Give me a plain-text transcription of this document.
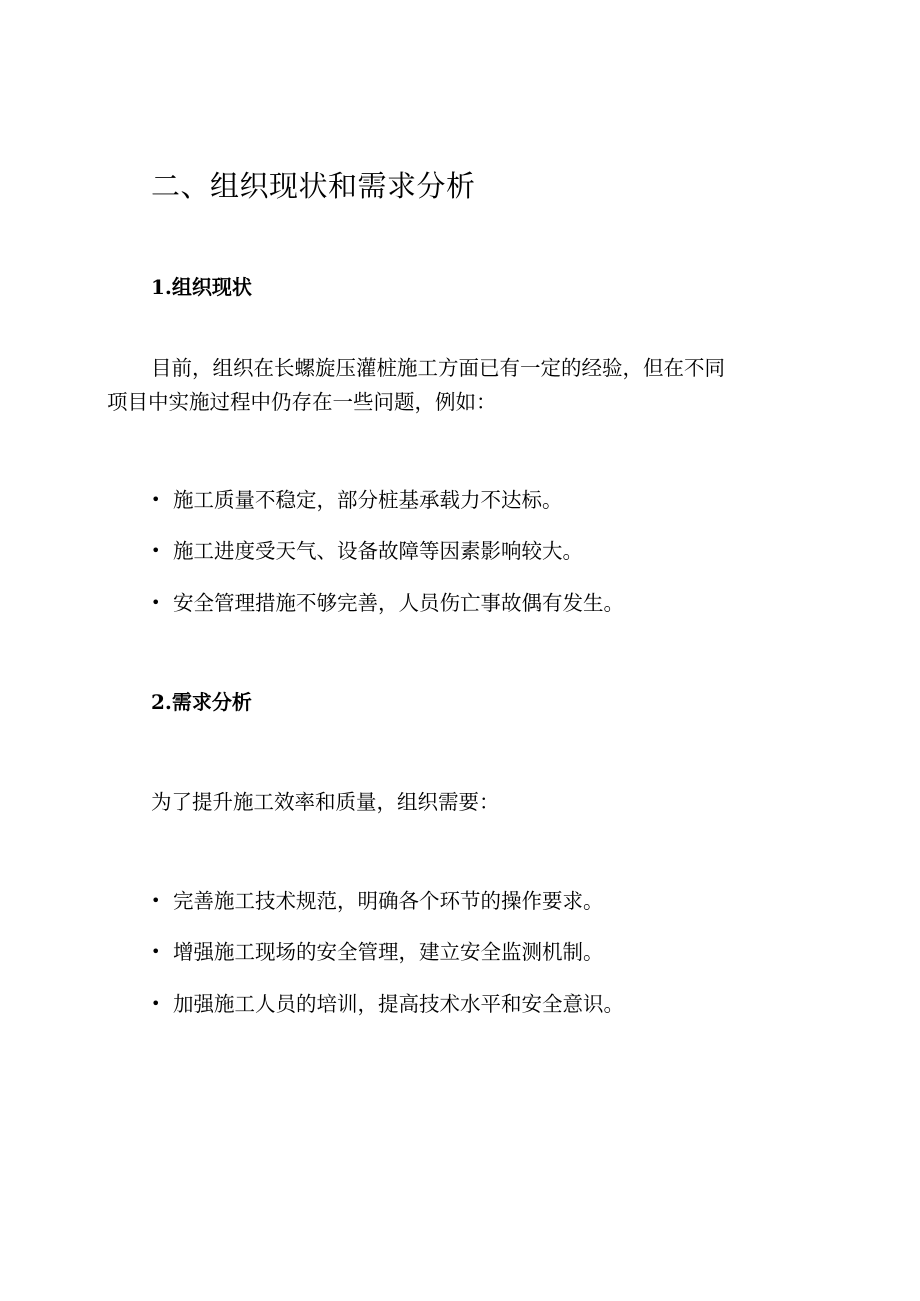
二、组织现状和需求分析
1.组织现状

目前，组织在长螺旋压灌桩施工方面已有一定的经验，但在不同

项目中实施过程中仍存在一些问题，例如：

• 施工质量不稳定，部分桩基承载力不达标。
• 施工进度受天气、设备故障等因素影响较大。
• 安全管理措施不够完善，人员伤亡事故偶有发生。
2.需求分析

为了提升施工效率和质量，组织需要：

• 完善施工技术规范，明确各个环节的操作要求。
• 增强施工现场的安全管理，建立安全监测机制。
• 加强施工人员的培训，提高技术水平和安全意识。
